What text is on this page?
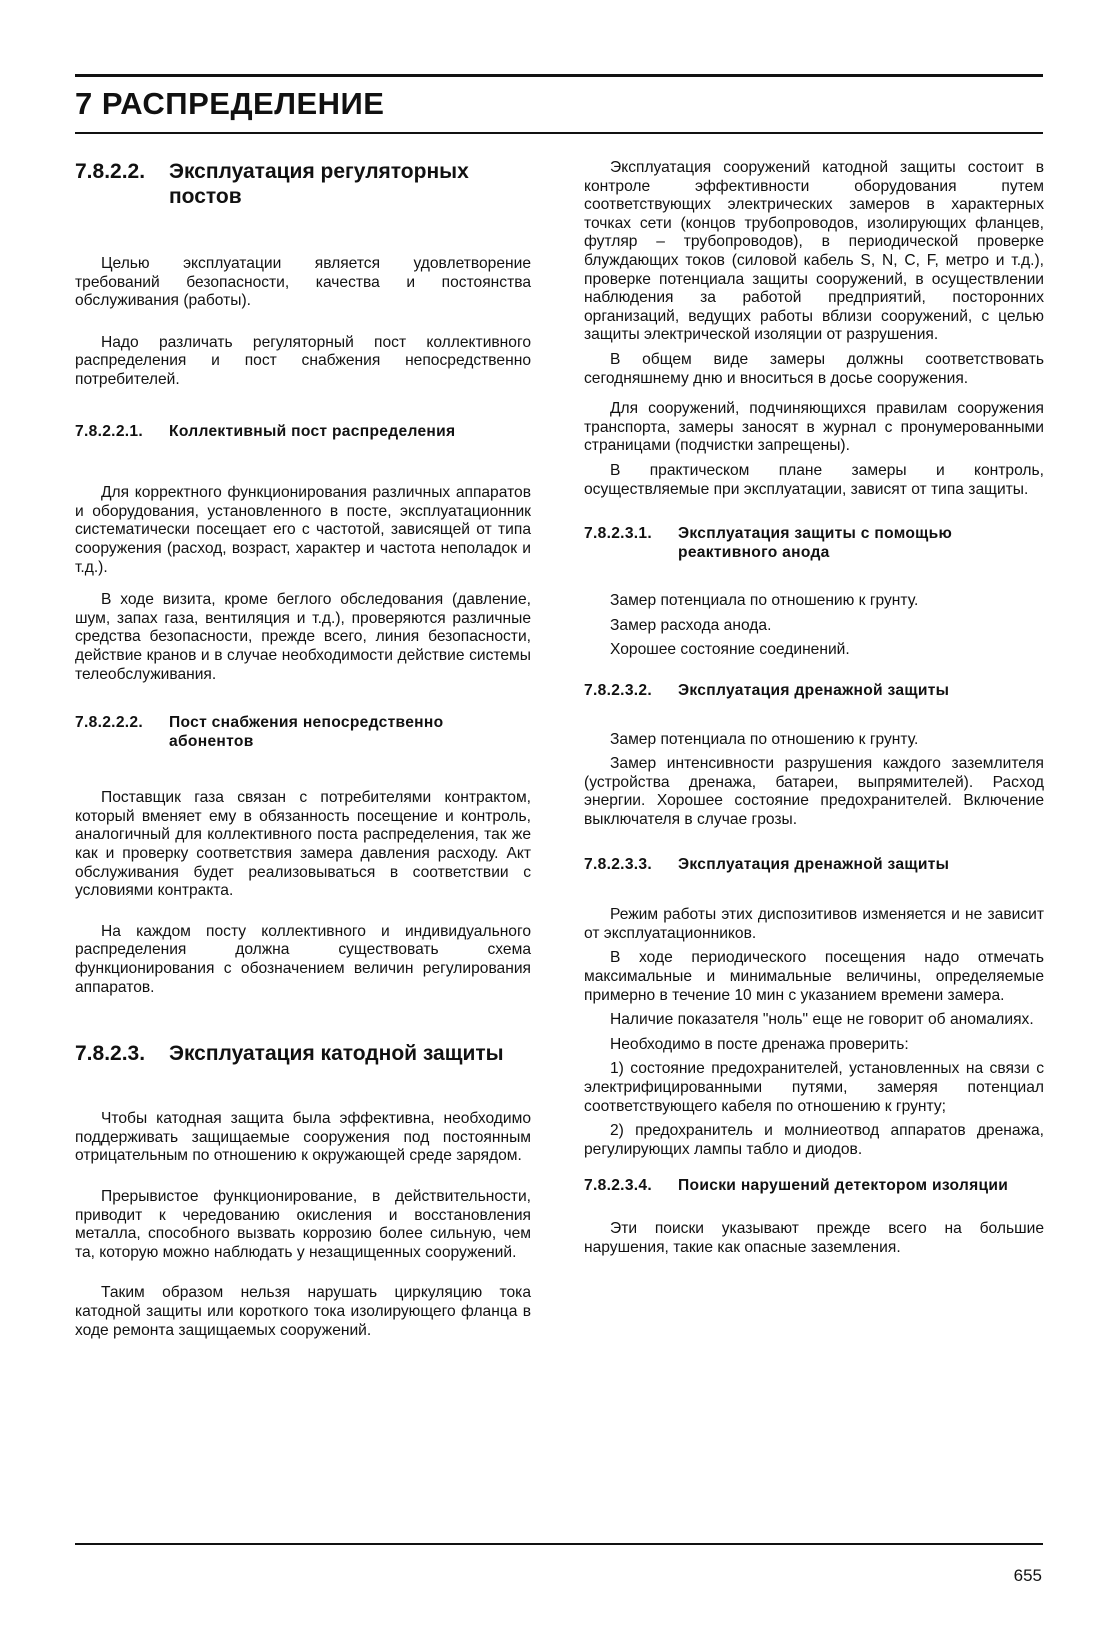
7 РАСПРЕДЕЛЕНИЕ
7.8.2.2.	Эксплуатация регуляторных постов

Целью эксплуатации является удовлетворение требований безопасности, качества и постоянства обслуживания (работы).

Надо различать регуляторный пост коллективного распределения и пост снабжения непосредственно потребителей.

7.8.2.2.1.	Коллективный пост распределения

Для корректного функционирования различных аппаратов и оборудования, установленного в посте, эксплуатационник систематически посещает его с частотой, зависящей от типа сооружения (расход, возраст, характер и частота неполадок и т.д.).

В ходе визита, кроме беглого обследования (давление, шум, запах газа, вентиляция и т.д.), проверяются различные средства безопасности, прежде всего, линия безопасности, действие кранов и в случае необходимости действие системы телеобслуживания.

7.8.2.2.2.	Пост снабжения непосредственно абонентов

Поставщик газа связан с потребителями контрактом, который вменяет ему в обязанность посещение и контроль, аналогичный для коллективного поста распределения, так же как и проверку соответствия замера давления расходу. Акт обслуживания будет реализовываться в соответствии с условиями контракта.

На каждом посту коллективного и индивидуального распределения должна существовать схема функционирования с обозначением величин регулирования аппаратов.

7.8.2.3.	Эксплуатация катодной защиты

Чтобы катодная защита была эффективна, необходимо поддерживать защищаемые сооружения под постоянным отрицательным по отношению к окружающей среде зарядом.

Прерывистое функционирование, в действительности, приводит к чередованию окисления и восстановления металла, способного вызвать коррозию более сильную, чем та, которую можно наблюдать у незащищенных сооружений.

Таким образом нельзя нарушать циркуляцию тока катодной защиты или короткого тока изолирующего фланца в ходе ремонта защищаемых сооружений.

Эксплуатация сооружений катодной защиты состоит в контроле эффективности оборудования путем соответствующих электрических замеров в характерных точках сети (концов трубопроводов, изолирующих фланцев, футляр – трубопроводов), в периодической проверке блуждающих токов (силовой кабель S, N, C, F, метро и т.д.), проверке потенциала защиты сооружений, в осуществлении наблюдения за работой предприятий, посторонних организаций, ведущих работы вблизи сооружений, с целью защиты электрической изоляции от разрушения.

В общем виде замеры должны соответствовать сегодняшнему дню и вноситься в досье сооружения.

Для сооружений, подчиняющихся правилам сооружения транспорта, замеры заносят в журнал с пронумерованными страницами (подчистки запрещены).

В практическом плане замеры и контроль, осуществляемые при эксплуатации, зависят от типа защиты.

7.8.2.3.1.	Эксплуатация защиты с помощью реактивного анода

Замер потенциала по отношению к грунту.

Замер расхода анода.

Хорошее состояние соединений.

7.8.2.3.2.	Эксплуатация дренажной защиты

Замер потенциала по отношению к грунту.

Замер интенсивности разрушения каждого заземлителя (устройства дренажа, батареи, выпрямителей). Расход энергии. Хорошее состояние предохранителей. Включение выключателя в случае грозы.

7.8.2.3.3.	Эксплуатация дренажной защиты

Режим работы этих диспозитивов изменяется и не зависит от эксплуатационников.

В ходе периодического посещения надо отмечать максимальные и минимальные величины, определяемые примерно в течение 10 мин с указанием времени замера.

Наличие показателя "ноль" еще не говорит об аномалиях.

Необходимо в посте дренажа проверить:

1) состояние предохранителей, установленных на связи с электрифицированными путями, замеряя потенциал соответствующего кабеля по отношению к грунту;

2) предохранитель и молниеотвод аппаратов дренажа, регулирующих лампы табло и диодов.

7.8.2.3.4.	Поиски нарушений детектором изоляции

Эти поиски указывают прежде всего на большие нарушения, такие как опасные заземления.

655
